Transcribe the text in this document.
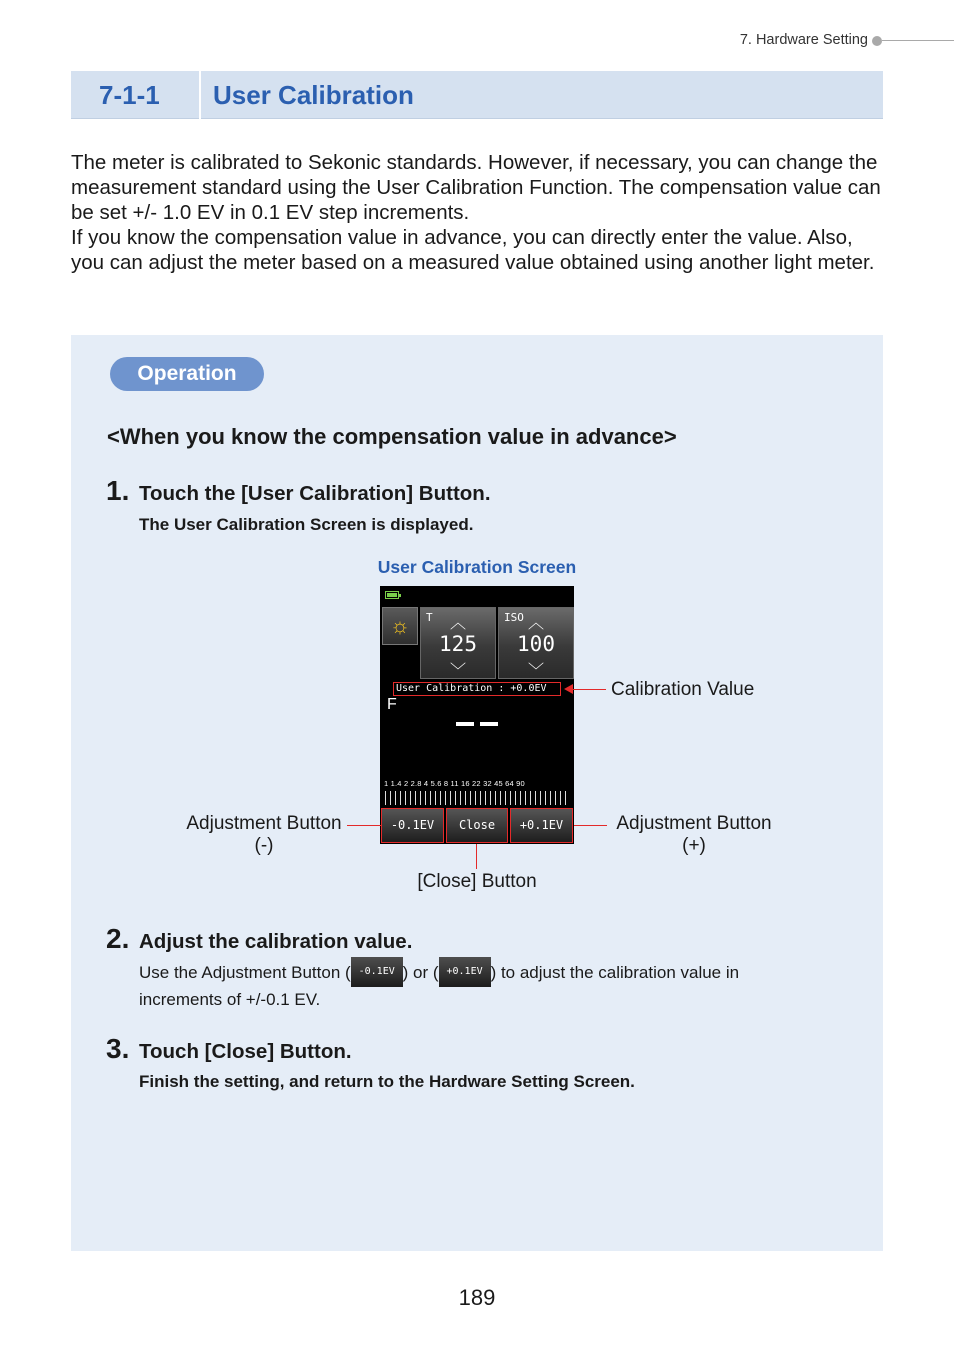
7. Hardware Setting
7-1-1 User Calibration
The meter is calibrated to Sekonic standards. However, if necessary, you can change the measurement standard using the User Calibration Function. The compensation value can be set +/- 1.0 EV in 0.1 EV step increments.
If you know the compensation value in advance, you can directly enter the value. Also, you can adjust the meter based on a measured value obtained using another light meter.
Operation
<When you know the compensation value in advance>
1. Touch the [User Calibration] Button.
The User Calibration Screen is displayed.
User Calibration Screen
☼	T	︿
125
﹀
ISO ︿
100
﹀
User Calibration : +0.0EV
F
1 1.4 2 2.8 4 5.6 8 11 16 22 32 45 64 90
-0.1EV	Close	+0.1EV
Calibration Value
Adjustment Button
(-)
Adjustment Button
(+)
[Close] Button
2. Adjust the calibration value.
Use the Adjustment Button ( -0.1EV ) or ( +0.1EV ) to adjust the calibration value in
increments of +/-0.1 EV.
3. Touch [Close] Button.
Finish the setting, and return to the Hardware Setting Screen.
189
